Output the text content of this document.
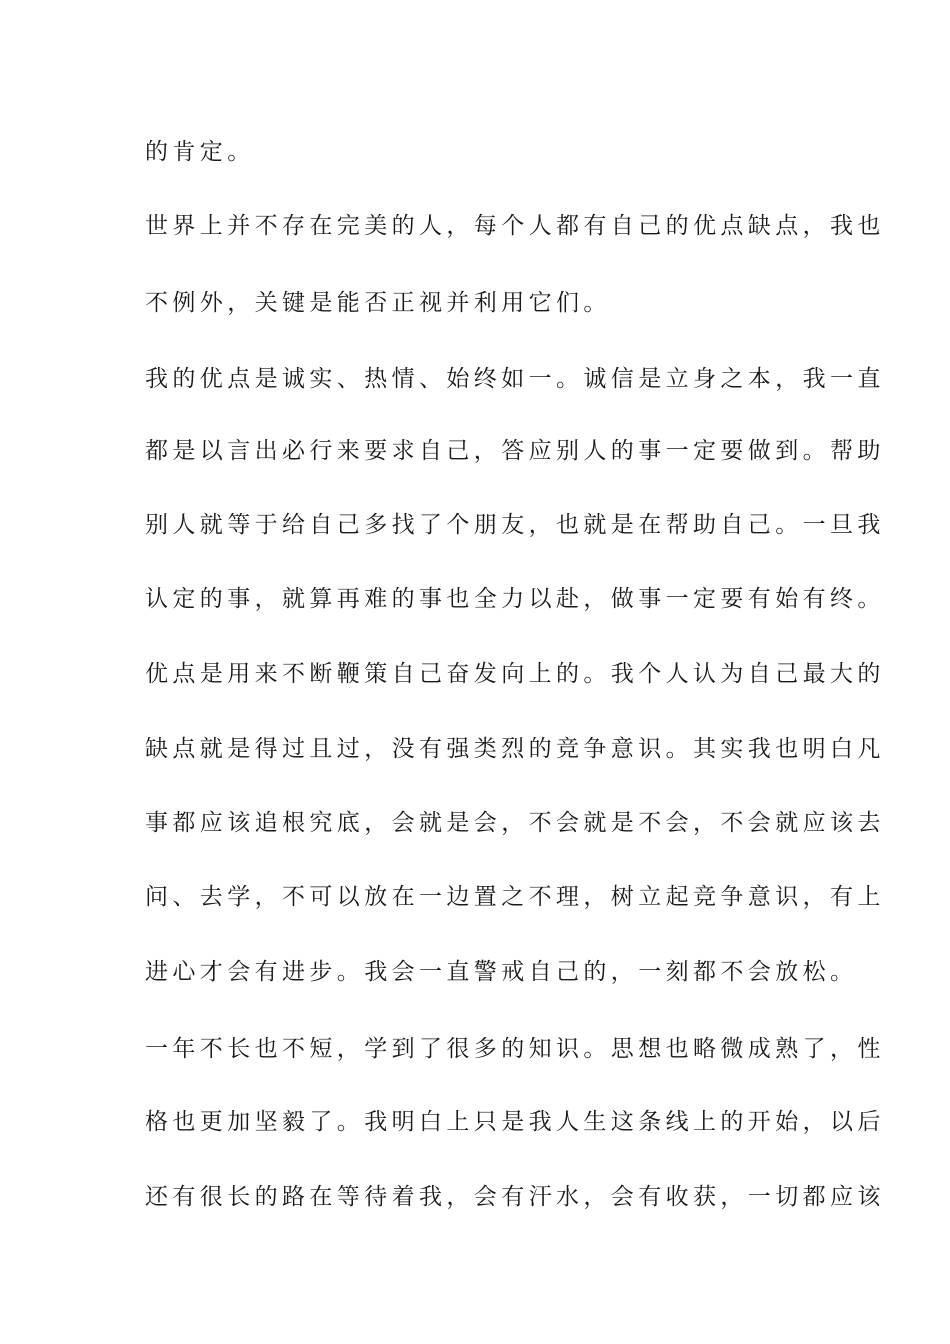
的肯定。
世界上并不存在完美的人，每个人都有自己的优点缺点，我也
不例外，关键是能否正视并利用它们。
我的优点是诚实、热情、始终如一。诚信是立身之本，我一直
都是以言出必行来要求自己，答应别人的事一定要做到。帮助
别人就等于给自己多找了个朋友，也就是在帮助自己。一旦我
认定的事，就算再难的事也全力以赴，做事一定要有始有终。
优点是用来不断鞭策自己奋发向上的。我个人认为自己最大的
缺点就是得过且过，没有强类烈的竞争意识。其实我也明白凡
事都应该追根究底，会就是会，不会就是不会，不会就应该去
问、去学，不可以放在一边置之不理，树立起竞争意识，有上
进心才会有进步。我会一直警戒自己的，一刻都不会放松。
一年不长也不短，学到了很多的知识。思想也略微成熟了，性
格也更加坚毅了。我明白上只是我人生这条线上的开始，以后
还有很长的路在等待着我，会有汗水，会有收获，一切都应该
